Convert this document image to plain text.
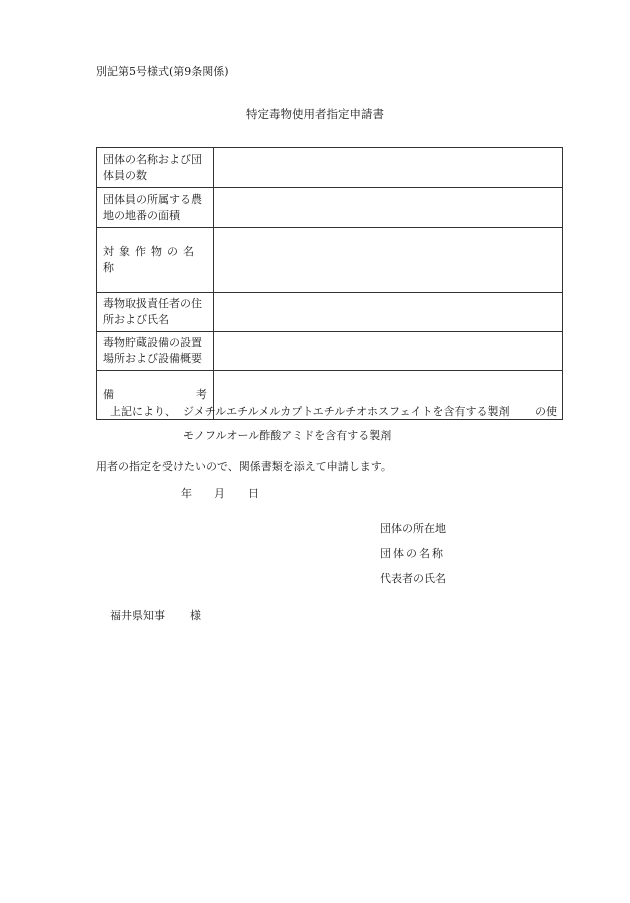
別記第5号様式(第9条関係)
特定毒物使用者指定申請書
団体の名称および団
体員の数	
団体員の所属する農
地の地番の面積	

対象作物の名称	

毒物取扱責任者の住
所および氏名	
毒物貯蔵設備の設置
場所および設備概要	

備 考	

上記により、 ジメチルエチルメルカプトエチルチオホスフェイトを含有する製剤 の使
モノフルオール酢酸アミドを含有する製剤
用者の指定を受けたいので、関係書類を添えて申請します。
年 月 日
団体の所在地
団体の名称
代表者の氏名
福井県知事 様
